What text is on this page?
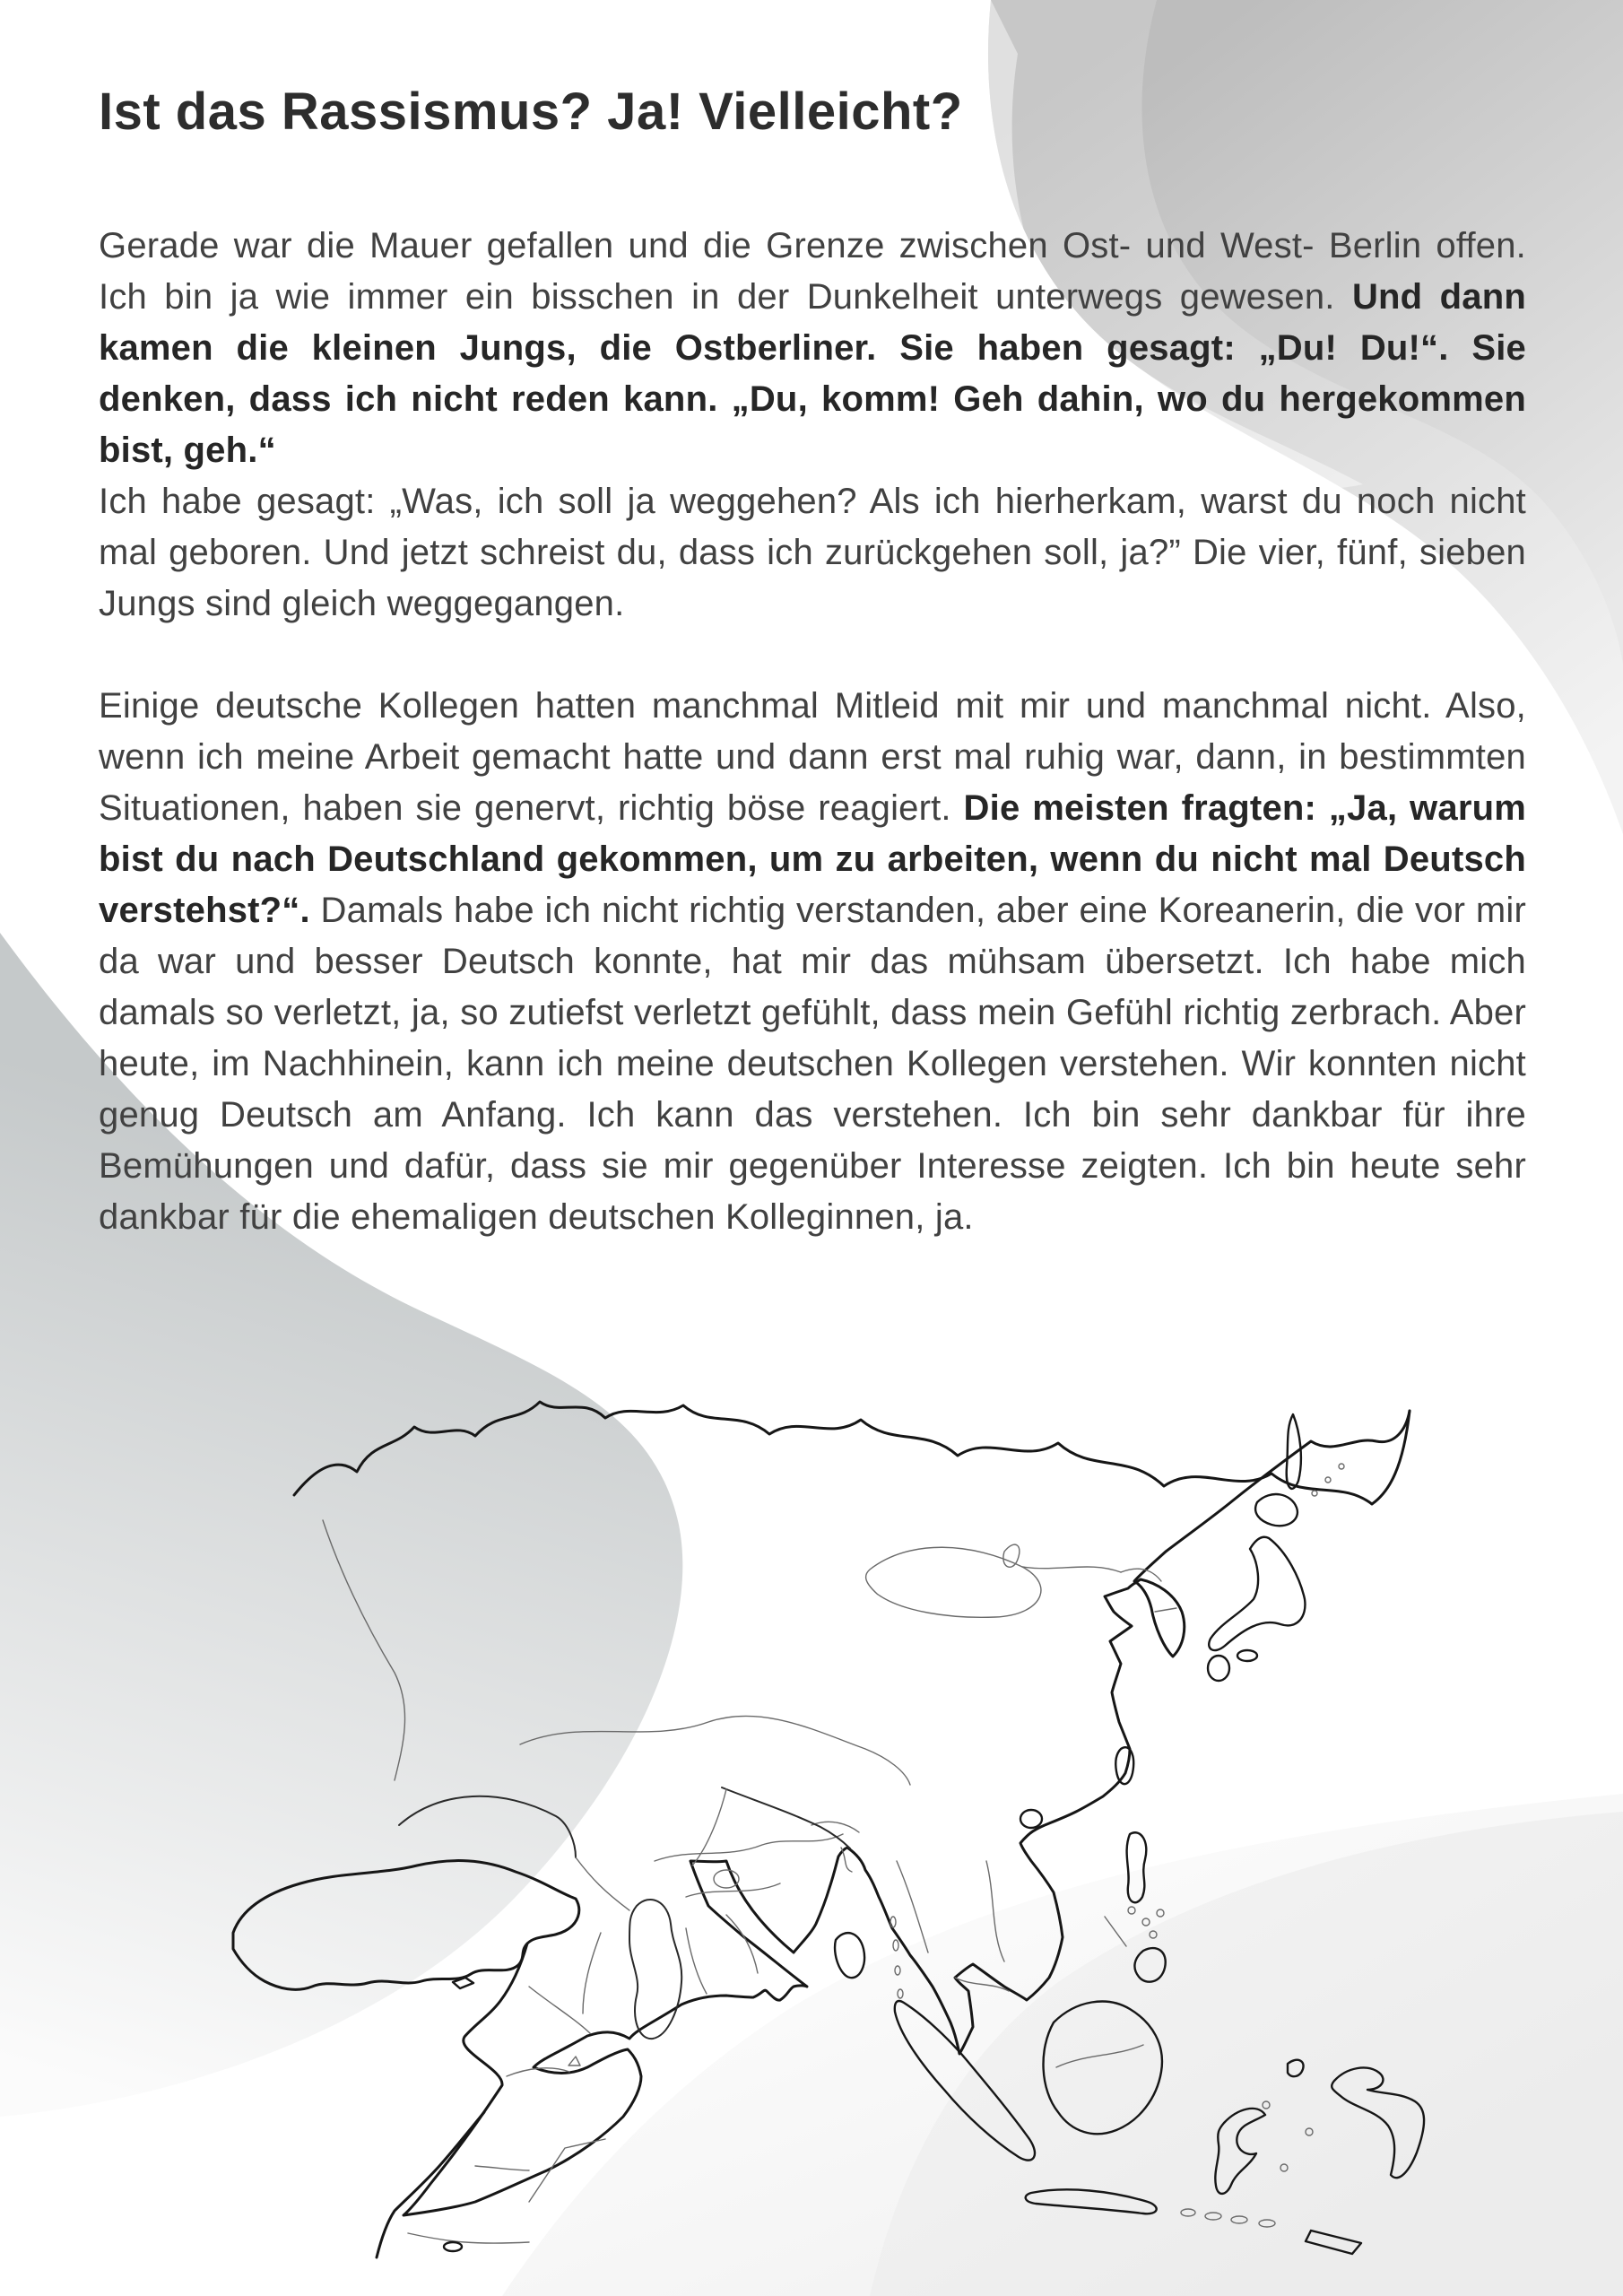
Ist das Rassismus? Ja! Vielleicht?

Gerade war die Mauer gefallen und die Grenze zwischen Ost- und West- Berlin offen. Ich bin ja wie immer ein bisschen in der Dunkelheit unterwegs gewesen. Und dann kamen die kleinen Jungs, die Ostberliner. Sie haben gesagt: „Du! Du!“. Sie denken, dass ich nicht reden kann. „Du, komm! Geh dahin, wo du hergekommen bist, geh.“
Ich habe gesagt: „Was, ich soll ja weggehen? Als ich hierherkam, warst du noch nicht mal geboren. Und jetzt schreist du, dass ich zurückgehen soll, ja?” Die vier, fünf, sieben Jungs sind gleich weggegangen.

Einige deutsche Kollegen hatten manchmal Mitleid mit mir und manchmal nicht. Also, wenn ich meine Arbeit gemacht hatte und dann erst mal ruhig war, dann, in bestimmten Situationen, haben sie genervt, richtig böse reagiert. Die meisten fragten: „Ja, warum bist du nach Deutschland gekommen, um zu arbeiten, wenn du nicht mal Deutsch verstehst?“. Damals habe ich nicht richtig verstanden, aber eine Koreanerin, die vor mir da war und besser Deutsch konnte, hat mir das mühsam übersetzt. Ich habe mich damals so verletzt, ja, so zutiefst verletzt gefühlt, dass mein Gefühl richtig zerbrach. Aber heute, im Nachhinein, kann ich meine deutschen Kollegen verstehen. Wir konnten nicht genug Deutsch am Anfang. Ich kann das verstehen. Ich bin sehr dankbar für ihre Bemühungen und dafür, dass sie mir gegenüber Interesse zeigten. Ich bin heute sehr dankbar für die ehemaligen deutschen Kolleginnen, ja.
